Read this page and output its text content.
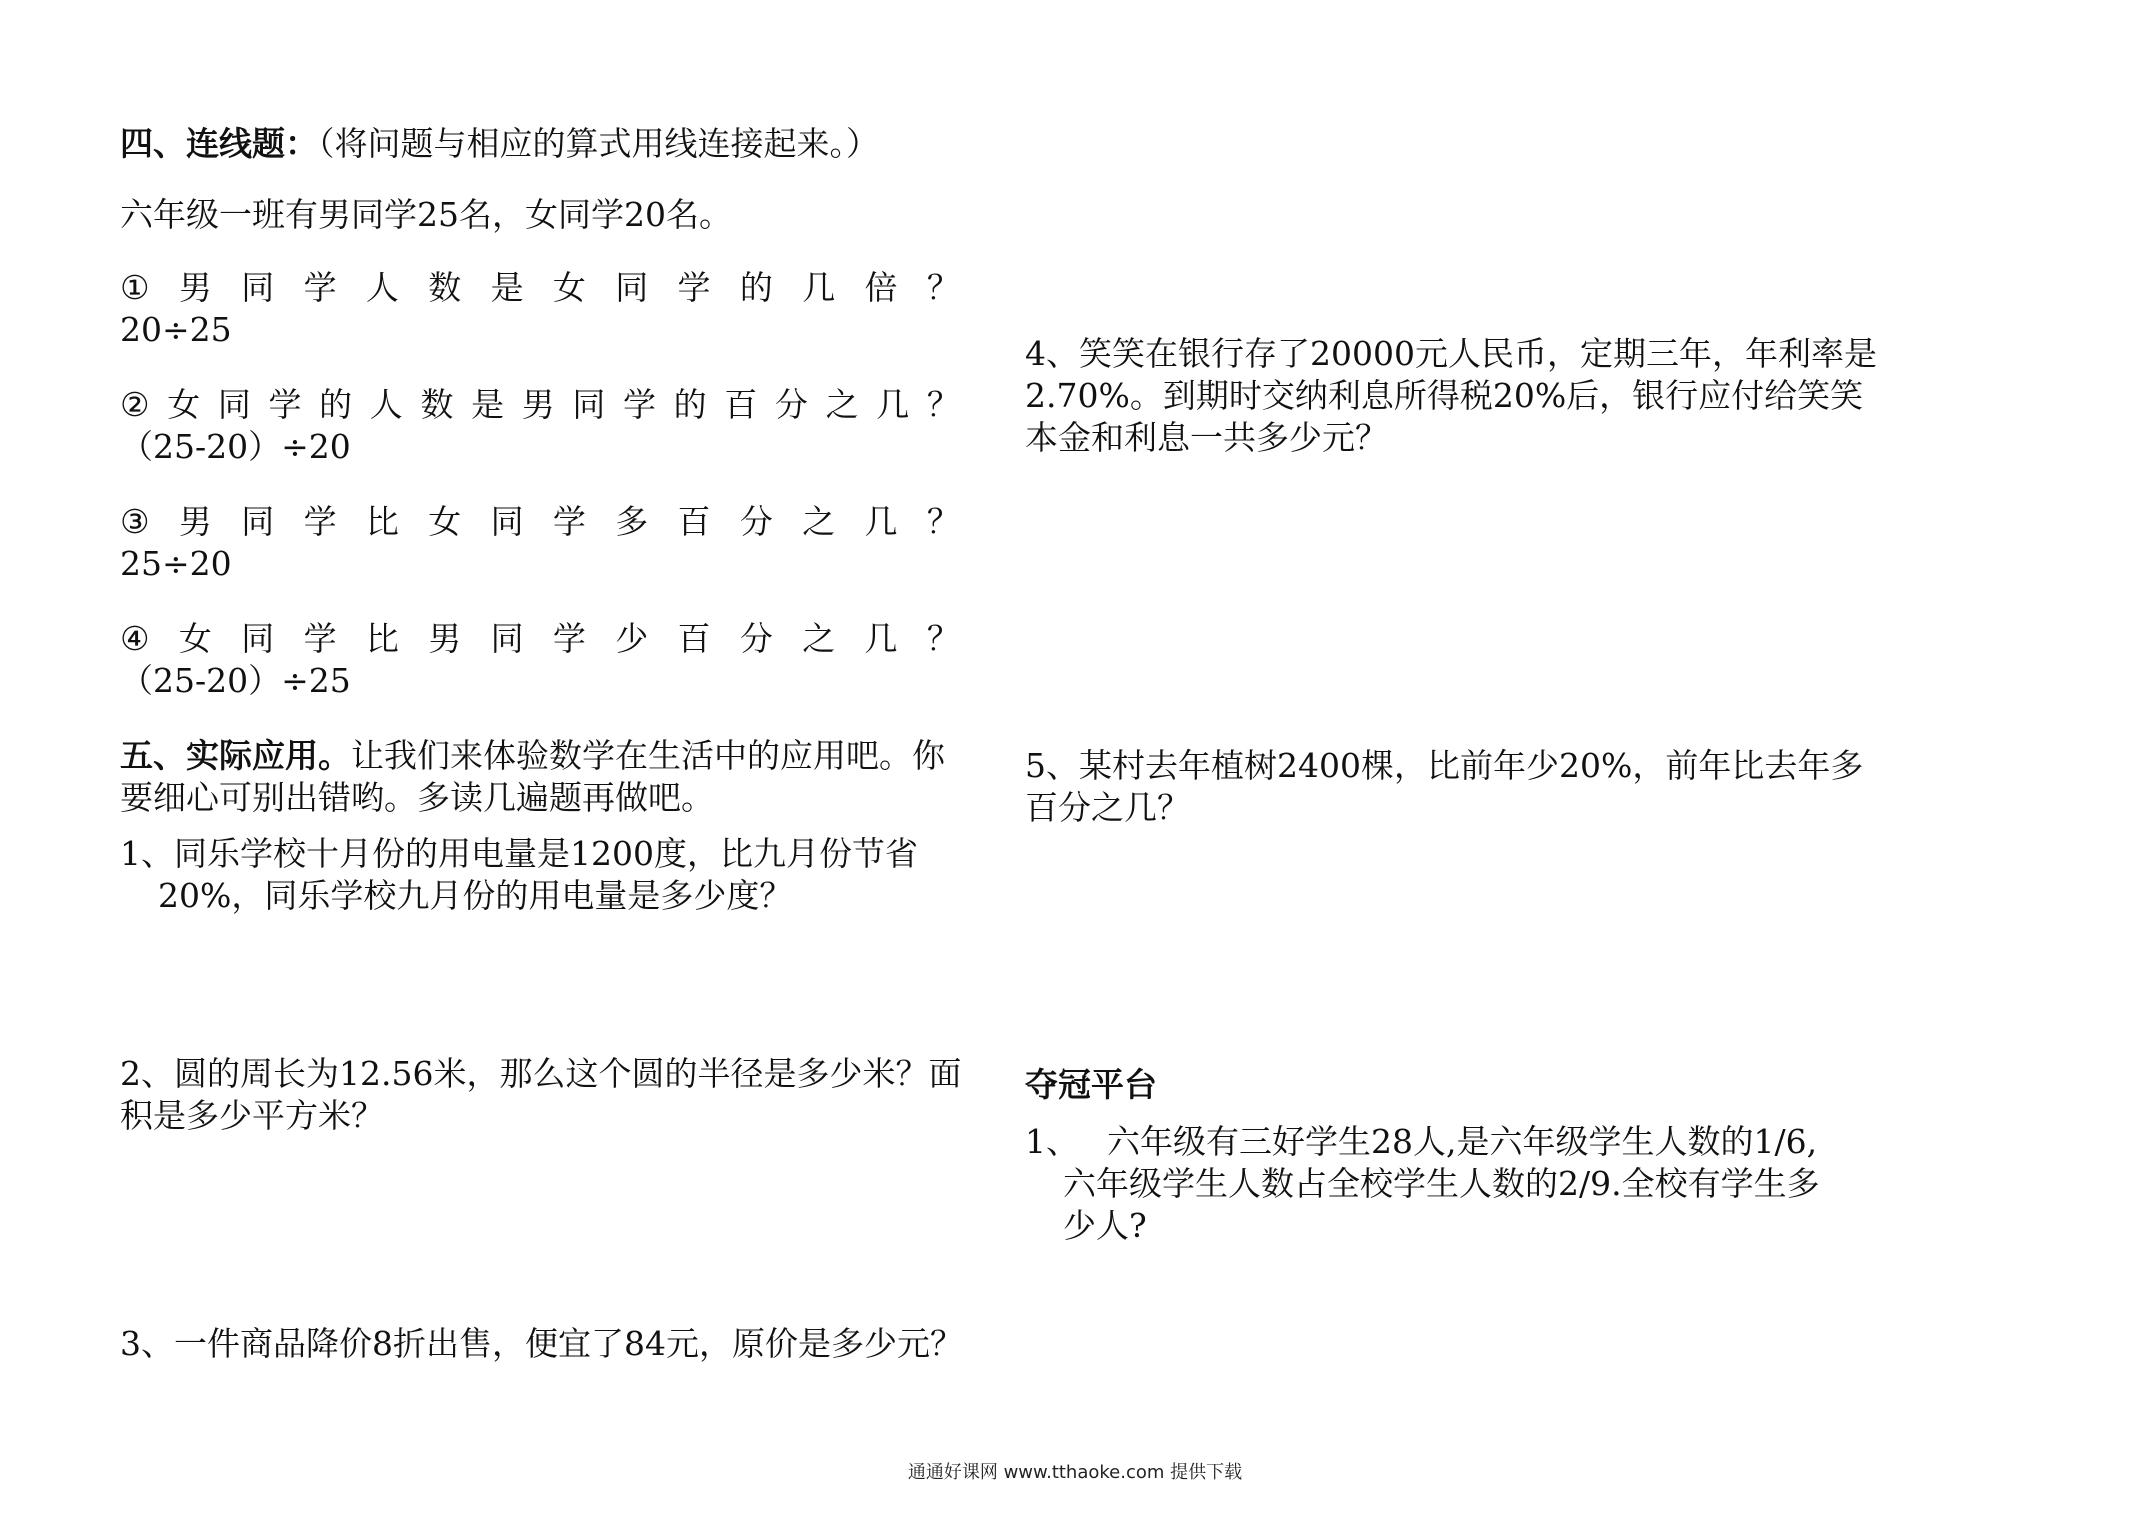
四、连线题：（将问题与相应的算式用线连接起来。）
六年级一班有男同学25名，女同学20名。
① 男 同 学 人 数 是 女 同 学 的 几 倍 ？
20÷25
② 女 同 学 的 人 数 是 男 同 学 的 百 分 之 几 ？
（25-20）÷20
③ 男 同 学 比 女 同 学 多 百 分 之 几 ？
25÷20
④ 女 同 学 比 男 同 学 少 百 分 之 几 ？
（25-20）÷25
五、实际应用。让我们来体验数学在生活中的应用吧。你
要细心可别出错哟。多读几遍题再做吧。
1、同乐学校十月份的用电量是1200度，比九月份节省
20%，同乐学校九月份的用电量是多少度？
2、圆的周长为12.56米，那么这个圆的半径是多少米？面
积是多少平方米？
3、一件商品降价8折出售，便宜了84元，原价是多少元？
4、笑笑在银行存了20000元人民币，定期三年，年利率是
2.70%。到期时交纳利息所得税20%后，银行应付给笑笑
本金和利息一共多少元？
5、某村去年植树2400棵，比前年少20%，前年比去年多
百分之几？
夺冠平台
1、 六年级有三好学生28人,是六年级学生人数的1/6,
六年级学生人数占全校学生人数的2/9.全校有学生多
少人?
通通好课网 www.tthaoke.com 提供下载
